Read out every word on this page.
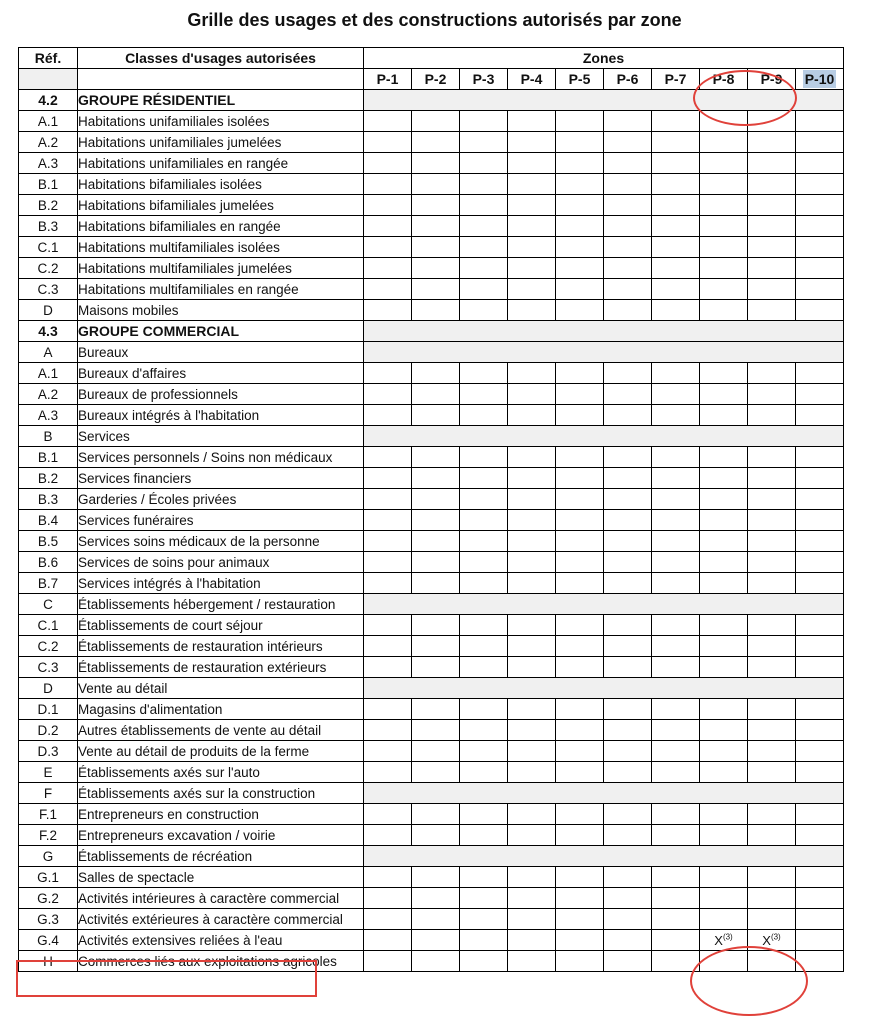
Grille des usages et des constructions autorisés par zone
Réf.	Classes d'usages autorisées	Zones									
		P-1	P-2	P-3	P-4	P-5	P-6	P-7	P-8	P-9	P-10
4.2	GROUPE RÉSIDENTIEL										
A.1	Habitations unifamiliales isolées										
A.2	Habitations unifamiliales jumelées										
A.3	Habitations unifamiliales en rangée										
B.1	Habitations bifamiliales isolées										
B.2	Habitations bifamiliales jumelées										
B.3	Habitations bifamiliales en rangée										
C.1	Habitations multifamiliales isolées										
C.2	Habitations multifamiliales jumelées										
C.3	Habitations multifamiliales en rangée										
D	Maisons mobiles										
4.3	GROUPE COMMERCIAL										
A	Bureaux										
A.1	Bureaux d'affaires										
A.2	Bureaux de professionnels										
A.3	Bureaux intégrés à l'habitation										
B	Services										
B.1	Services personnels / Soins non médicaux										
B.2	Services financiers										
B.3	Garderies / Écoles privées										
B.4	Services funéraires										
B.5	Services soins médicaux de la personne										
B.6	Services de soins pour animaux										
B.7	Services intégrés à l'habitation										
C	Établissements hébergement / restauration										
C.1	Établissements de court séjour										
C.2	Établissements de restauration intérieurs										
C.3	Établissements de restauration extérieurs										
D	Vente au détail										
D.1	Magasins d'alimentation										
D.2	Autres établissements de vente au détail										
D.3	Vente au détail de produits de la ferme										
E	Établissements axés sur l'auto										
F	Établissements axés sur la construction										
F.1	Entrepreneurs en construction										
F.2	Entrepreneurs excavation / voirie										
G	Établissements de récréation										
G.1	Salles de spectacle										
G.2	Activités intérieures à caractère commercial										
G.3	Activités extérieures à caractère commercial										
G.4	Activités extensives reliées à l'eau								$X^{(3)}$	$X^{(3)}$	
H	Commerces liés aux exploitations agricoles										
